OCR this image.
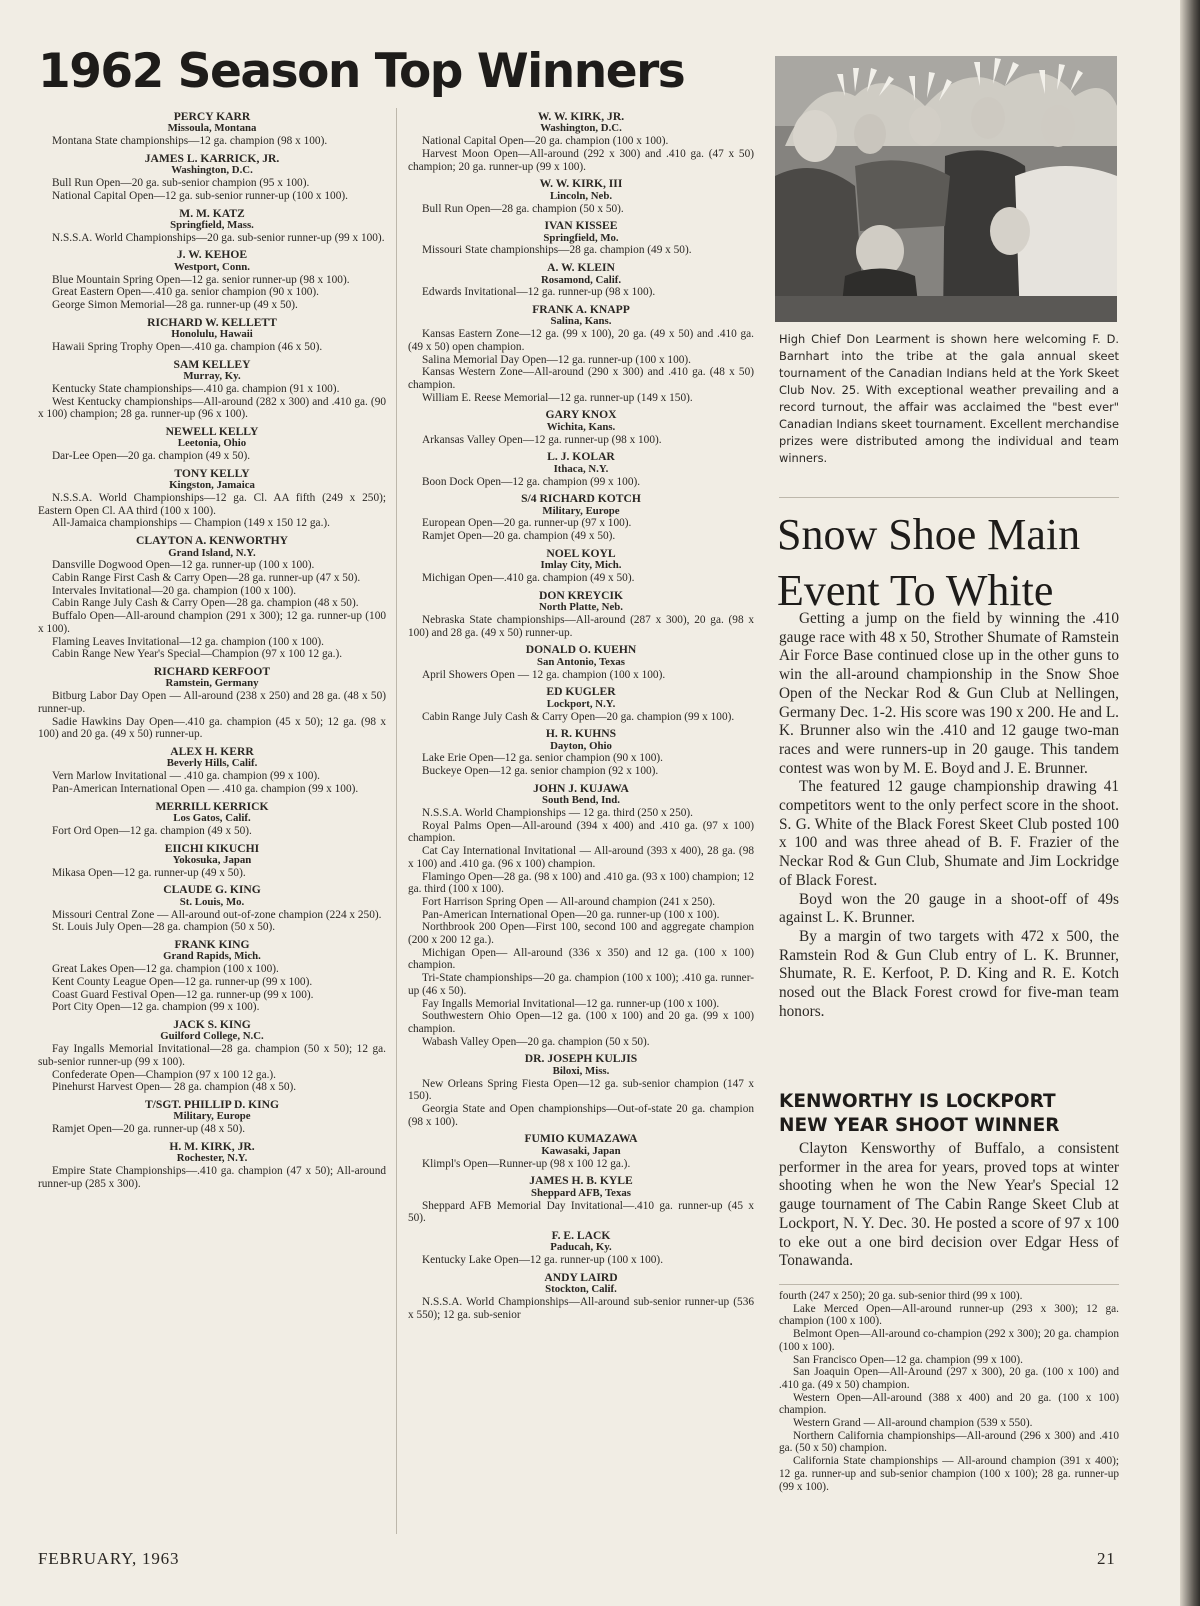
1962 Season Top Winners
PERCY KARR
Missoula, Montana
Montana State championships—12 ga. champion (98 x 100).
JAMES L. KARRICK, JR.
Washington, D.C.
Bull Run Open—20 ga. sub-senior champion (95 x 100).
National Capital Open—12 ga. sub-senior runner-up (100 x 100).
M. M. KATZ
Springfield, Mass.
N.S.S.A. World Championships—20 ga. sub-senior runner-up (99 x 100).
J. W. KEHOE
Westport, Conn.
Blue Mountain Spring Open—12 ga. senior runner-up (98 x 100).
Great Eastern Open—.410 ga. senior champion (90 x 100).
George Simon Memorial—28 ga. runner-up (49 x 50).
RICHARD W. KELLETT
Honolulu, Hawaii
Hawaii Spring Trophy Open—.410 ga. champion (46 x 50).
SAM KELLEY
Murray, Ky.
Kentucky State championships—.410 ga. champion (91 x 100).
West Kentucky championships—All-around (282 x 300) and .410 ga. (90 x 100) champion; 28 ga. runner-up (96 x 100).
NEWELL KELLY
Leetonia, Ohio
Dar-Lee Open—20 ga. champion (49 x 50).
TONY KELLY
Kingston, Jamaica
N.S.S.A. World Championships—12 ga. Cl. AA fifth (249 x 250); Eastern Open Cl. AA third (100 x 100).
All-Jamaica championships — Champion (149 x 150 12 ga.).
CLAYTON A. KENWORTHY
Grand Island, N.Y.
Dansville Dogwood Open—12 ga. runner-up (100 x 100).
Cabin Range First Cash & Carry Open—28 ga. runner-up (47 x 50).
Intervales Invitational—20 ga. champion (100 x 100).
Cabin Range July Cash & Carry Open—28 ga. champion (48 x 50).
Buffalo Open—All-around champion (291 x 300); 12 ga. runner-up (100 x 100).
Flaming Leaves Invitational—12 ga. champion (100 x 100).
Cabin Range New Year's Special—Champion (97 x 100 12 ga.).
RICHARD KERFOOT
Ramstein, Germany
Bitburg Labor Day Open — All-around (238 x 250) and 28 ga. (48 x 50) runner-up.
Sadie Hawkins Day Open—.410 ga. champion (45 x 50); 12 ga. (98 x 100) and 20 ga. (49 x 50) runner-up.
ALEX H. KERR
Beverly Hills, Calif.
Vern Marlow Invitational — .410 ga. champion (99 x 100).
Pan-American International Open — .410 ga. champion (99 x 100).
MERRILL KERRICK
Los Gatos, Calif.
Fort Ord Open—12 ga. champion (49 x 50).
EIICHI KIKUCHI
Yokosuka, Japan
Mikasa Open—12 ga. runner-up (49 x 50).
CLAUDE G. KING
St. Louis, Mo.
Missouri Central Zone — All-around out-of-zone champion (224 x 250).
St. Louis July Open—28 ga. champion (50 x 50).
FRANK KING
Grand Rapids, Mich.
Great Lakes Open—12 ga. champion (100 x 100).
Kent County League Open—12 ga. runner-up (99 x 100).
Coast Guard Festival Open—12 ga. runner-up (99 x 100).
Port City Open—12 ga. champion (99 x 100).
JACK S. KING
Guilford College, N.C.
Fay Ingalls Memorial Invitational—28 ga. champion (50 x 50); 12 ga. sub-senior runner-up (99 x 100).
Confederate Open—Champion (97 x 100 12 ga.).
Pinehurst Harvest Open— 28 ga. champion (48 x 50).
T/SGT. PHILLIP D. KING
Military, Europe
Ramjet Open—20 ga. runner-up (48 x 50).
H. M. KIRK, JR.
Rochester, N.Y.
Empire State Championships—.410 ga. champion (47 x 50); All-around runner-up (285 x 300).
W. W. KIRK, JR.
Washington, D.C.
National Capital Open—20 ga. champion (100 x 100).
Harvest Moon Open—All-around (292 x 300) and .410 ga. (47 x 50) champion; 20 ga. runner-up (99 x 100).
W. W. KIRK, III
Lincoln, Neb.
Bull Run Open—28 ga. champion (50 x 50).
IVAN KISSEE
Springfield, Mo.
Missouri State championships—28 ga. champion (49 x 50).
A. W. KLEIN
Rosamond, Calif.
Edwards Invitational—12 ga. runner-up (98 x 100).
FRANK A. KNAPP
Salina, Kans.
Kansas Eastern Zone—12 ga. (99 x 100), 20 ga. (49 x 50) and .410 ga. (49 x 50) open champion.
Salina Memorial Day Open—12 ga. runner-up (100 x 100).
Kansas Western Zone—All-around (290 x 300) and .410 ga. (48 x 50) champion.
William E. Reese Memorial—12 ga. runner-up (149 x 150).
GARY KNOX
Wichita, Kans.
Arkansas Valley Open—12 ga. runner-up (98 x 100).
L. J. KOLAR
Ithaca, N.Y.
Boon Dock Open—12 ga. champion (99 x 100).
S/4 RICHARD KOTCH
Military, Europe
European Open—20 ga. runner-up (97 x 100).
Ramjet Open—20 ga. champion (49 x 50).
NOEL KOYL
Imlay City, Mich.
Michigan Open—.410 ga. champion (49 x 50).
DON KREYCIK
North Platte, Neb.
Nebraska State championships—All-around (287 x 300), 20 ga. (98 x 100) and 28 ga. (49 x 50) runner-up.
DONALD O. KUEHN
San Antonio, Texas
April Showers Open — 12 ga. champion (100 x 100).
ED KUGLER
Lockport, N.Y.
Cabin Range July Cash & Carry Open—20 ga. champion (99 x 100).
H. R. KUHNS
Dayton, Ohio
Lake Erie Open—12 ga. senior champion (90 x 100).
Buckeye Open—12 ga. senior champion (92 x 100).
JOHN J. KUJAWA
South Bend, Ind.
N.S.S.A. World Championships — 12 ga. third (250 x 250).
Royal Palms Open—All-around (394 x 400) and .410 ga. (97 x 100) champion.
Cat Cay International Invitational — All-around (393 x 400), 28 ga. (98 x 100) and .410 ga. (96 x 100) champion.
Flamingo Open—28 ga. (98 x 100) and .410 ga. (93 x 100) champion; 12 ga. third (100 x 100).
Fort Harrison Spring Open — All-around champion (241 x 250).
Pan-American International Open—20 ga. runner-up (100 x 100).
Northbrook 200 Open—First 100, second 100 and aggregate champion (200 x 200 12 ga.).
Michigan Open— All-around (336 x 350) and 12 ga. (100 x 100) champion.
Tri-State championships—20 ga. champion (100 x 100); .410 ga. runner-up (46 x 50).
Fay Ingalls Memorial Invitational—12 ga. runner-up (100 x 100).
Southwestern Ohio Open—12 ga. (100 x 100) and 20 ga. (99 x 100) champion.
Wabash Valley Open—20 ga. champion (50 x 50).
DR. JOSEPH KULJIS
Biloxi, Miss.
New Orleans Spring Fiesta Open—12 ga. sub-senior champion (147 x 150).
Georgia State and Open championships—Out-of-state 20 ga. champion (98 x 100).
FUMIO KUMAZAWA
Kawasaki, Japan
Klimpl's Open—Runner-up (98 x 100 12 ga.).
JAMES H. B. KYLE
Sheppard AFB, Texas
Sheppard AFB Memorial Day Invitational—.410 ga. runner-up (45 x 50).
F. E. LACK
Paducah, Ky.
Kentucky Lake Open—12 ga. runner-up (100 x 100).
ANDY LAIRD
Stockton, Calif.
N.S.S.A. World Championships—All-around sub-senior runner-up (536 x 550); 12 ga. sub-senior
High Chief Don Learment is shown here welcoming F. D. Barnhart into the tribe at the gala annual skeet tournament of the Canadian Indians held at the York Skeet Club Nov. 25. With exceptional weather prevailing and a record turnout, the affair was acclaimed the "best ever" Canadian Indians skeet tournament. Excellent merchandise prizes were distributed among the individual and team winners.
Snow Shoe Main
Event To White

Getting a jump on the field by winning the .410 gauge race with 48 x 50, Strother Shumate of Ramstein Air Force Base continued close up in the other guns to win the all-around championship in the Snow Shoe Open of the Neckar Rod & Gun Club at Nellingen, Germany Dec. 1-2. His score was 190 x 200. He and L. K. Brunner also win the .410 and 12 gauge two-man races and were runners-up in 20 gauge. This tandem contest was won by M. E. Boyd and J. E. Brunner.

The featured 12 gauge championship drawing 41 competitors went to the only perfect score in the shoot. S. G. White of the Black Forest Skeet Club posted 100 x 100 and was three ahead of B. F. Frazier of the Neckar Rod & Gun Club, Shumate and Jim Lockridge of Black Forest.

Boyd won the 20 gauge in a shoot-off of 49s against L. K. Brunner.

By a margin of two targets with 472 x 500, the Ramstein Rod & Gun Club entry of L. K. Brunner, Shumate, R. E. Kerfoot, P. D. King and R. E. Kotch nosed out the Black Forest crowd for five-man team honors.

KENWORTHY IS LOCKPORT
NEW YEAR SHOOT WINNER

Clayton Kensworthy of Buffalo, a consistent performer in the area for years, proved tops at winter shooting when he won the New Year's Special 12 gauge tournament of The Cabin Range Skeet Club at Lockport, N. Y. Dec. 30. He posted a score of 97 x 100 to eke out a one bird decision over Edgar Hess of Tonawanda.

fourth (247 x 250); 20 ga. sub-senior third (99 x 100).

Lake Merced Open—All-around runner-up (293 x 300); 12 ga. champion (100 x 100).

Belmont Open—All-around co-champion (292 x 300); 20 ga. champion (100 x 100).

San Francisco Open—12 ga. champion (99 x 100).

San Joaquin Open—All-Around (297 x 300), 20 ga. (100 x 100) and .410 ga. (49 x 50) champion.

Western Open—All-around (388 x 400) and 20 ga. (100 x 100) champion.

Western Grand — All-around champion (539 x 550).

Northern California championships—All-around (296 x 300) and .410 ga. (50 x 50) champion.

California State championships — All-around champion (391 x 400); 12 ga. runner-up and sub-senior champion (100 x 100); 28 ga. runner-up (99 x 100).

FEBRUARY, 1963	21
